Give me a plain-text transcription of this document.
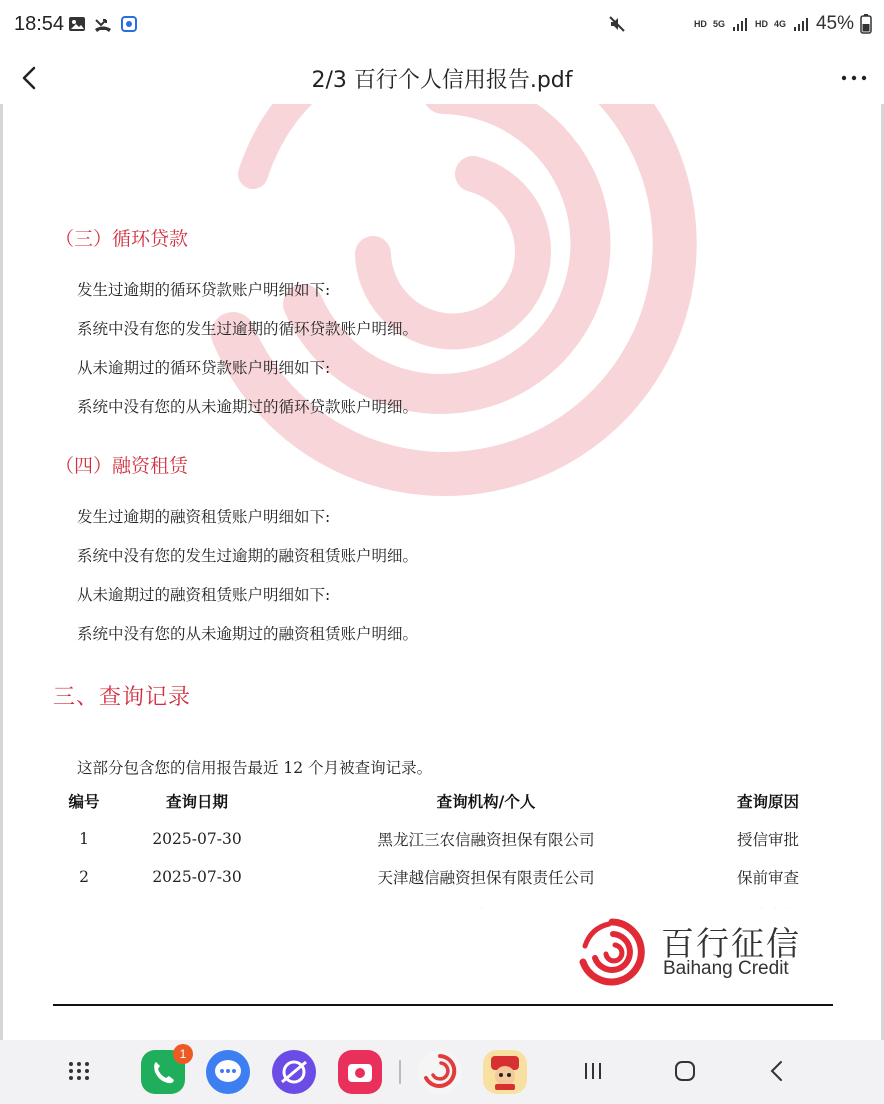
18:54	HD 5G	HD 4G 45%
2/3 百行个人信用报告.pdf
（三）循环贷款
发生过逾期的循环贷款账户明细如下:
系统中没有您的发生过逾期的循环贷款账户明细。
从未逾期过的循环贷款账户明细如下:
系统中没有您的从未逾期过的循环贷款账户明细。
（四）融资租赁
发生过逾期的融资租赁账户明细如下:
系统中没有您的发生过逾期的融资租赁账户明细。
从未逾期过的融资租赁账户明细如下:
系统中没有您的从未逾期过的融资租赁账户明细。
三、查询记录
这部分包含您的信用报告最近 12 个月被查询记录。
编号	查询日期	查询机构/个人	查询原因
1	2025-07-30	黑龙江三农信融资担保有限公司	授信审批
2	2025-07-30	天津越信融资担保有限责任公司	保前审查

百行征信
Baihang Credit
1
